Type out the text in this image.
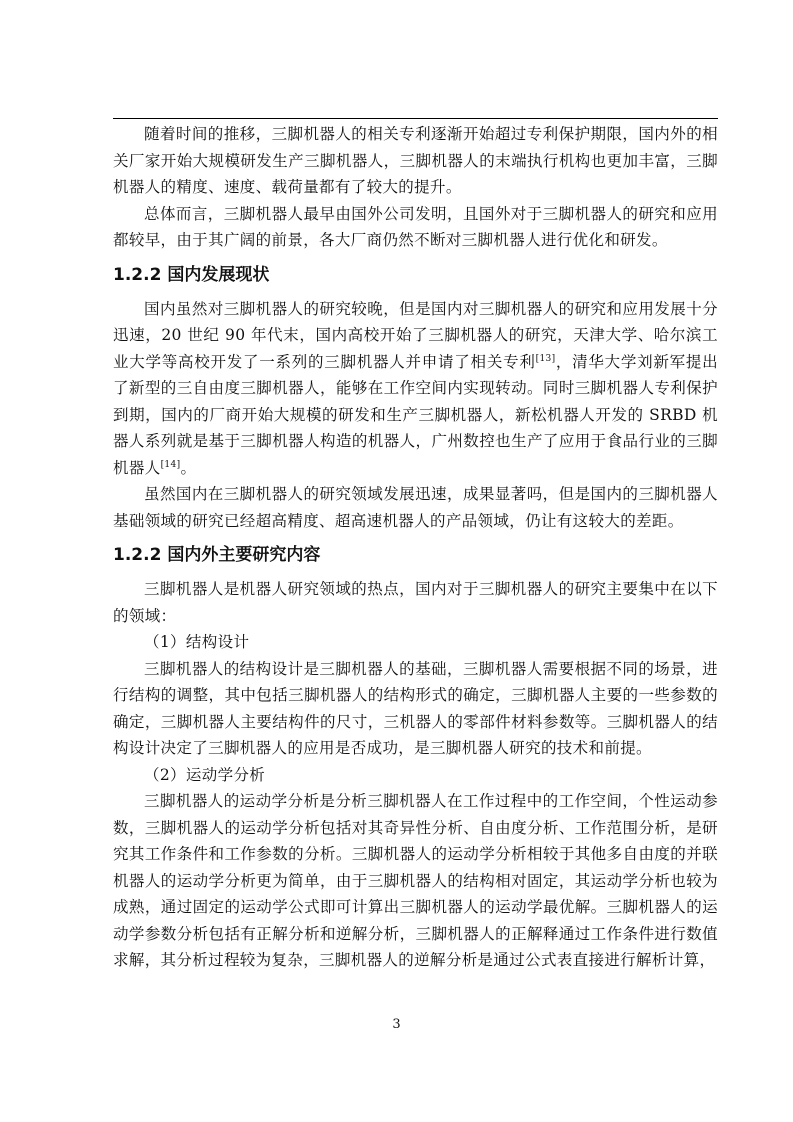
随着时间的推移，三脚机器人的相关专利逐渐开始超过专利保护期限，国内外的相关厂家开始大规模研发生产三脚机器人，三脚机器人的末端执行机构也更加丰富，三脚机器人的精度、速度、载荷量都有了较大的提升。

总体而言，三脚机器人最早由国外公司发明，且国外对于三脚机器人的研究和应用都较早，由于其广阔的前景，各大厂商仍然不断对三脚机器人进行优化和研发。

1.2.2 国内发展现状

国内虽然对三脚机器人的研究较晚，但是国内对三脚机器人的研究和应用发展十分迅速，20 世纪 90 年代末，国内高校开始了三脚机器人的研究，天津大学、哈尔滨工业大学等高校开发了一系列的三脚机器人并申请了相关专利[13]，清华大学刘新军提出了新型的三自由度三脚机器人，能够在工作空间内实现转动。同时三脚机器人专利保护到期，国内的厂商开始大规模的研发和生产三脚机器人，新松机器人开发的 SRBD 机器人系列就是基于三脚机器人构造的机器人，广州数控也生产了应用于食品行业的三脚机器人[14]。

虽然国内在三脚机器人的研究领域发展迅速，成果显著吗，但是国内的三脚机器人基础领域的研究已经超高精度、超高速机器人的产品领域，仍让有这较大的差距。

1.2.2 国内外主要研究内容

三脚机器人是机器人研究领域的热点，国内对于三脚机器人的研究主要集中在以下的领域：

（1）结构设计

三脚机器人的结构设计是三脚机器人的基础，三脚机器人需要根据不同的场景，进行结构的调整，其中包括三脚机器人的结构形式的确定，三脚机器人主要的一些参数的确定，三脚机器人主要结构件的尺寸，三机器人的零部件材料参数等。三脚机器人的结构设计决定了三脚机器人的应用是否成功，是三脚机器人研究的技术和前提。

（2）运动学分析

三脚机器人的运动学分析是分析三脚机器人在工作过程中的工作空间，个性运动参数，三脚机器人的运动学分析包括对其奇异性分析、自由度分析、工作范围分析，是研究其工作条件和工作参数的分析。三脚机器人的运动学分析相较于其他多自由度的并联机器人的运动学分析更为简单，由于三脚机器人的结构相对固定，其运动学分析也较为成熟，通过固定的运动学公式即可计算出三脚机器人的运动学最优解。三脚机器人的运动学参数分析包括有正解分析和逆解分析，三脚机器人的正解释通过工作条件进行数值求解，其分析过程较为复杂，三脚机器人的逆解分析是通过公式表直接进行解析计算，

3
